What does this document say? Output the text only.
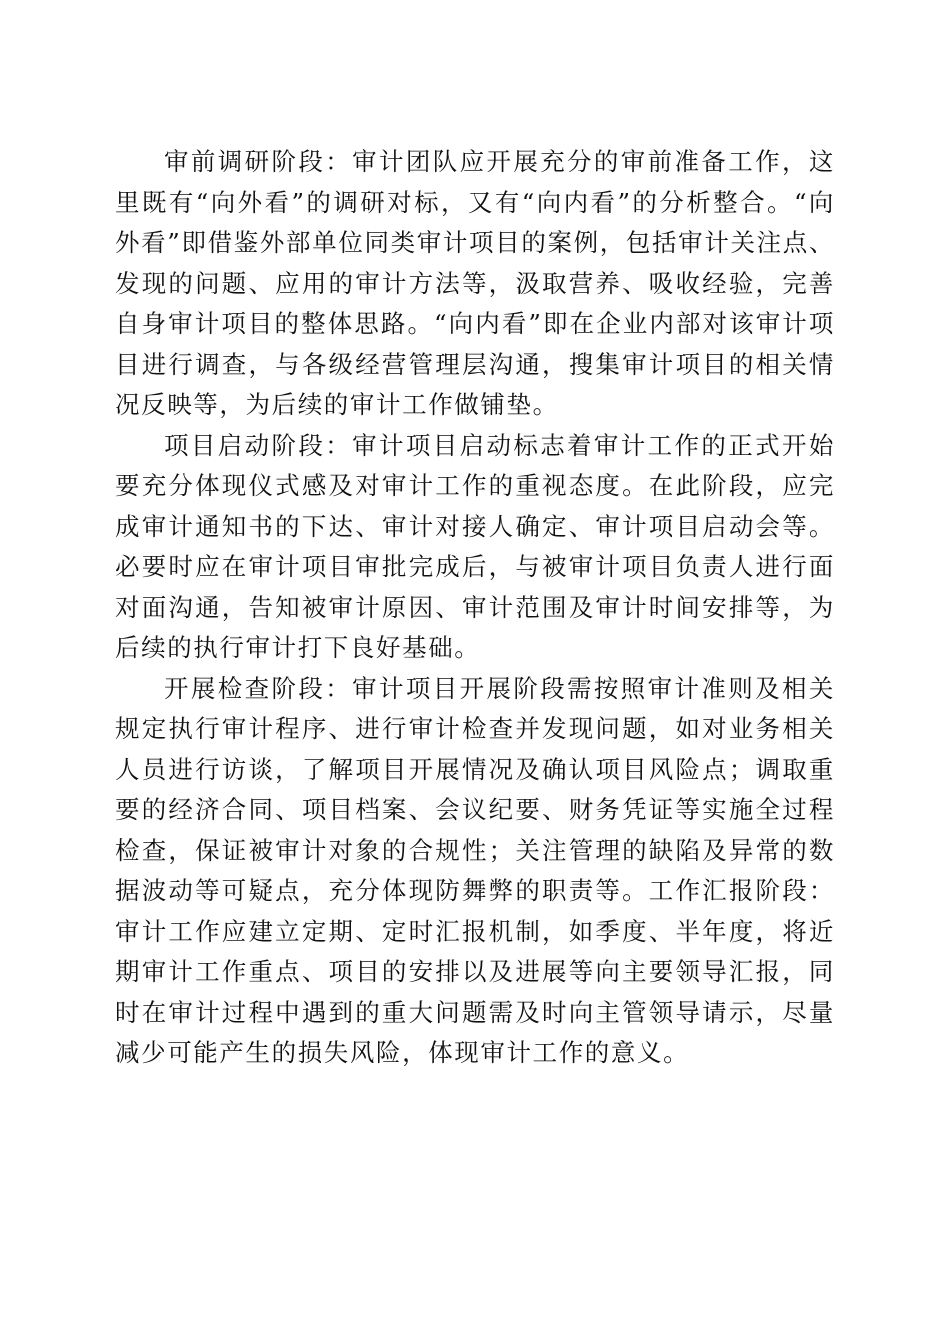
审前调研阶段：审计团队应开展充分的审前准备工作，这里既有“向外看”的调研对标，又有“向内看”的分析整合。“向外看”即借鉴外部单位同类审计项目的案例，包括审计关注点、发现的问题、应用的审计方法等，汲取营养、吸收经验，完善自身审计项目的整体思路。“向内看”即在企业内部对该审计项目进行调查，与各级经营管理层沟通，搜集审计项目的相关情况反映等，为后续的审计工作做铺垫。

项目启动阶段：审计项目启动标志着审计工作的正式开始要充分体现仪式感及对审计工作的重视态度。在此阶段，应完成审计通知书的下达、审计对接人确定、审计项目启动会等。必要时应在审计项目审批完成后，与被审计项目负责人进行面对面沟通，告知被审计原因、审计范围及审计时间安排等，为后续的执行审计打下良好基础。

开展检查阶段：审计项目开展阶段需按照审计准则及相关规定执行审计程序、进行审计检查并发现问题，如对业务相关人员进行访谈，了解项目开展情况及确认项目风险点；调取重要的经济合同、项目档案、会议纪要、财务凭证等实施全过程检查，保证被审计对象的合规性；关注管理的缺陷及异常的数据波动等可疑点，充分体现防舞弊的职责等。工作汇报阶段：审计工作应建立定期、定时汇报机制，如季度、半年度，将近期审计工作重点、项目的安排以及进展等向主要领导汇报，同时在审计过程中遇到的重大问题需及时向主管领导请示，尽量减少可能产生的损失风险，体现审计工作的意义。
